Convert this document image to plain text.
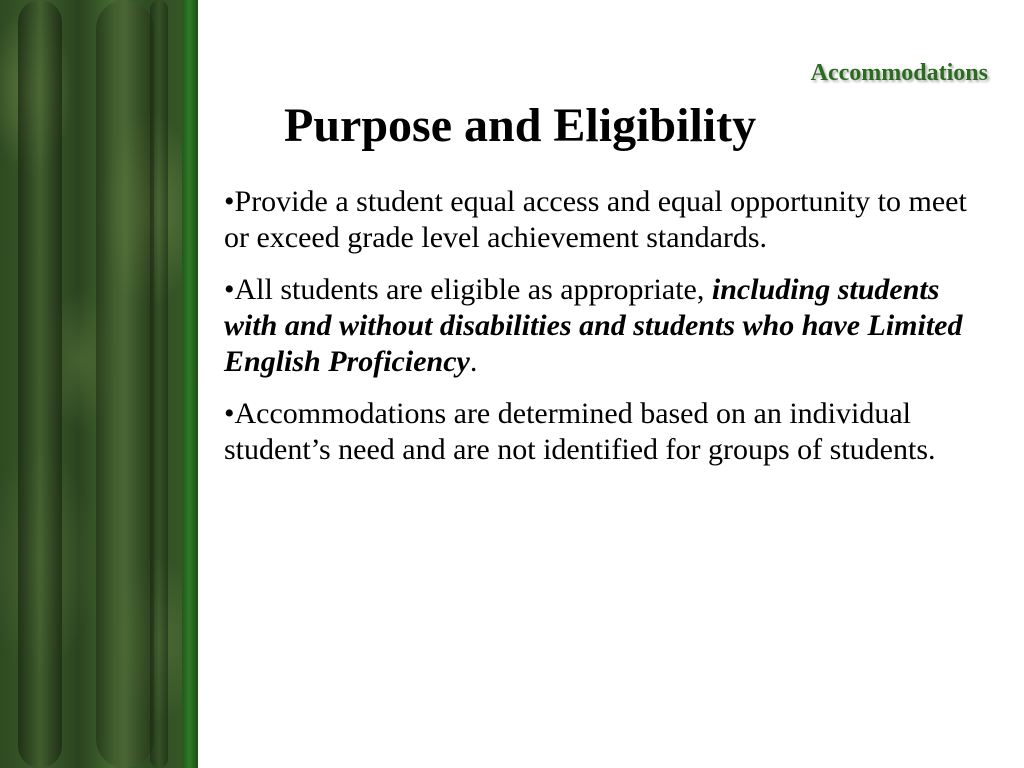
Accommodations
Purpose and Eligibility

•Provide a student equal access and equal opportunity to meet or exceed grade level achievement standards.

•All students are eligible as appropriate, including students with and without disabilities and students who have Limited English Proficiency.

•Accommodations are determined based on an individual student’s need and are not identified for groups of students.
